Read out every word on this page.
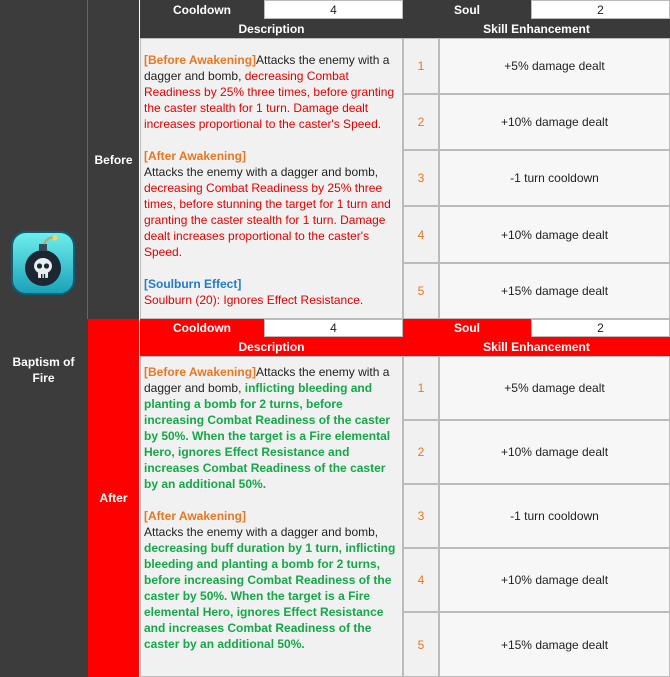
Baptism of Fire
Before
Cooldown	4	Soul	2
Description	Skill Enhancement

[Before Awakening]Attacks the enemy with a dagger and bomb, decreasing Combat Readiness by 25% three times, before granting the caster stealth for 1 turn. Damage dealt increases proportional to the caster's Speed.

[After Awakening]

Attacks the enemy with a dagger and bomb, decreasing Combat Readiness by 25% three times, before stunning the target for 1 turn and granting the caster stealth for 1 turn. Damage dealt increases proportional to the caster's Speed.

[Soulburn Effect]

Soulburn (20): Ignores Effect Resistance.

1	+5% damage dealt
2	+10% damage dealt
3	-1 turn cooldown
4	+10% damage dealt
5	+15% damage dealt
After
Cooldown	4	Soul	2
Description	Skill Enhancement

[Before Awakening]Attacks the enemy with a dagger and bomb, inflicting bleeding and planting a bomb for 2 turns, before increasing Combat Readiness of the caster by 50%. When the target is a Fire elemental Hero, ignores Effect Resistance and increases Combat Readiness of the caster by an additional 50%.

[After Awakening]

Attacks the enemy with a dagger and bomb, decreasing buff duration by 1 turn, inflicting bleeding and planting a bomb for 2 turns, before increasing Combat Readiness of the caster by 50%. When the target is a Fire elemental Hero, ignores Effect Resistance and increases Combat Readiness of the caster by an additional 50%.

1	+5% damage dealt
2	+10% damage dealt
3	-1 turn cooldown
4	+10% damage dealt
5	+15% damage dealt
